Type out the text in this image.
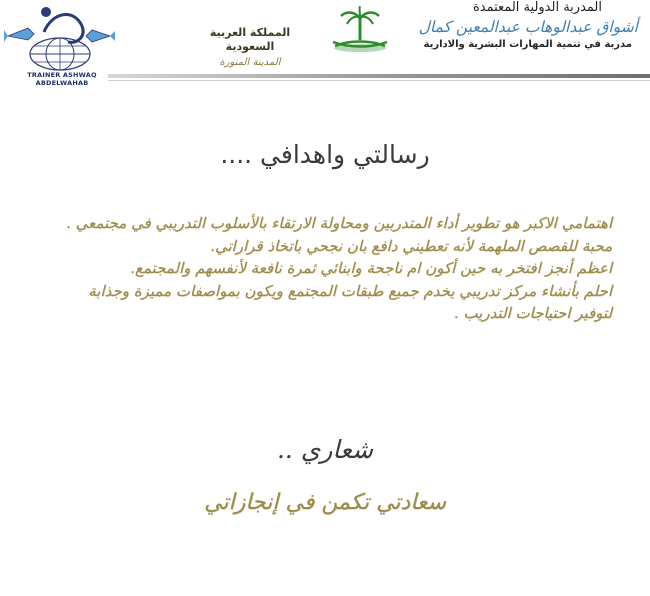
TRAINER ASHWAQ ABDELWAHAB
المملكة العربية السعودية
المدينة المنورة
المدربة الدولية المعتمدة
أشواق عبدالوهاب عبدالمعين كمال
مدربة في تنمية المهارات البشرية والادارية
رسالتي واهدافي ....

اهتمامي الاكبر هو تطوير أداء المتدربين ومحاولة الارتقاء بالأسلوب التدريبي في مجتمعي .

محبة للقصص الملهمة لأنه تعطيني دافع بان نجحي باتخاذ قراراتي.

اعظم أنجز افتخر به حين أكون ام ناجحة وابنائي ثمرة نافعة لأنفسهم والمجتمع.

احلم بأنشاء مركز تدريبي يخدم جميع طبقات المجتمع ويكون بمواصفات مميزة وجذابة لتوفير احتياجات التدريب .

شعاري ..
سعادتي تكمن في إنجازاتي
